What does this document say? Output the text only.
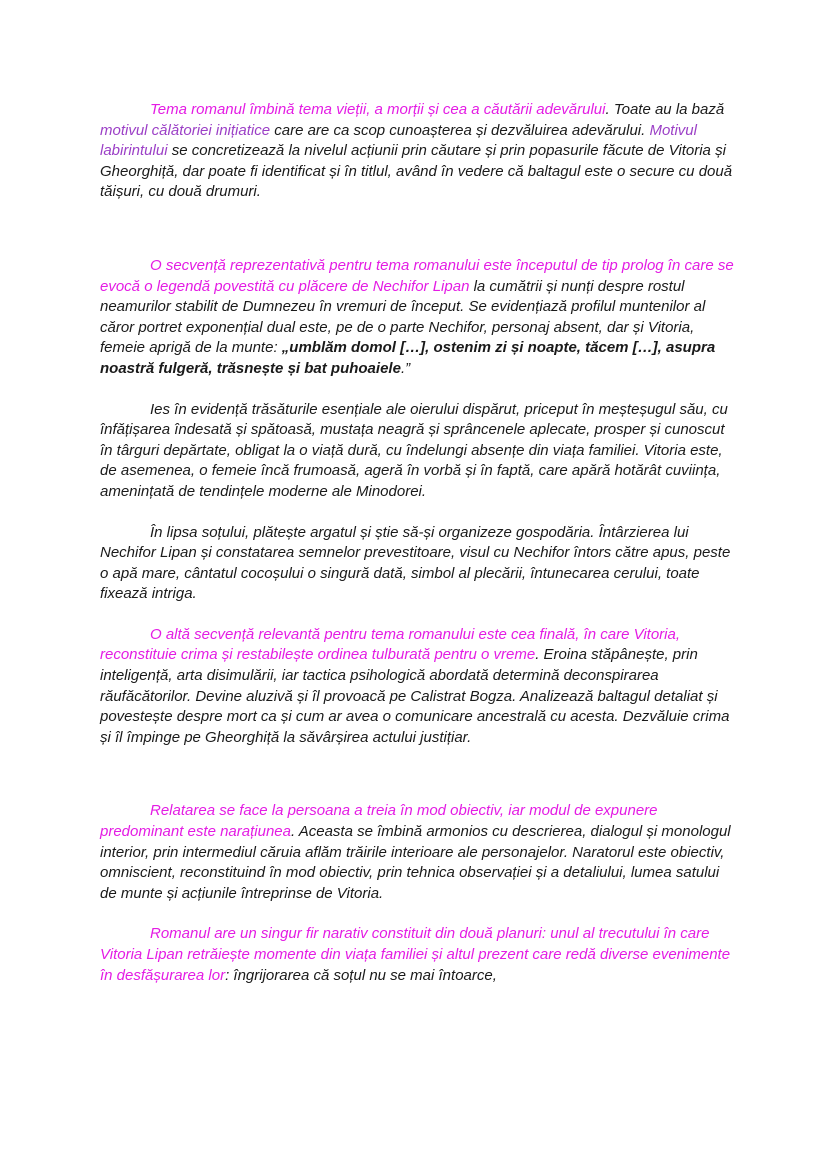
Tema romanul îmbină tema vieții, a morții și cea a căutării adevărului. Toate au la bază motivul călătoriei inițiatice care are ca scop cunoașterea și dezvăluirea adevărului. Motivul labirintului se concretizează la nivelul acțiunii prin căutare și prin popasurile făcute de Vitoria și Gheorghiță, dar poate fi identificat și în titlul, având în vedere că baltagul este o secure cu două tăișuri, cu două drumuri.

O secvență reprezentativă pentru tema romanului este începutul de tip prolog în care se evocă o legendă povestită cu plăcere de Nechifor Lipan la cumătrii și nunți despre rostul neamurilor stabilit de Dumnezeu în vremuri de început. Se evidențiază profilul muntenilor al căror portret exponențial dual este, pe de o parte Nechifor, personaj absent, dar și Vitoria, femeie aprigă de la munte: „umblăm domol […], ostenim zi și noapte, tăcem […], asupra noastră fulgeră, trăsnește și bat puhoaiele.”

Ies în evidență trăsăturile esențiale ale oierului dispărut, priceput în meșteșugul său, cu înfățișarea îndesată și spătoasă, mustața neagră și sprâncenele aplecate, prosper și cunoscut în târguri depărtate, obligat la o viață dură, cu îndelungi absențe din viața familiei. Vitoria este, de asemenea, o femeie încă frumoasă, ageră în vorbă și în faptă, care apără hotărât cuviința, amenințată de tendințele moderne ale Minodorei.

În lipsa soțului, plătește argatul și știe să-și organizeze gospodăria. Întârzierea lui Nechifor Lipan și constatarea semnelor prevestitoare, visul cu Nechifor întors către apus, peste o apă mare, cântatul cocoșului o singură dată, simbol al plecării, întunecarea cerului, toate fixează intriga.

O altă secvență relevantă pentru tema romanului este cea finală, în care Vitoria, reconstituie crima și restabilește ordinea tulburată pentru o vreme. Eroina stăpânește, prin inteligență, arta disimulării, iar tactica psihologică abordată determină deconspirarea răufăcătorilor. Devine aluzivă și îl provoacă pe Calistrat Bogza. Analizează baltagul detaliat și povestește despre mort ca și cum ar avea o comunicare ancestrală cu acesta. Dezvăluie crima și îl împinge pe Gheorghiță la săvârșirea actului justițiar.

Relatarea se face la persoana a treia în mod obiectiv, iar modul de expunere predominant este narațiunea. Aceasta se îmbină armonios cu descrierea, dialogul și monologul interior, prin intermediul căruia aflăm trăirile interioare ale personajelor. Naratorul este obiectiv, omniscient, reconstituind în mod obiectiv, prin tehnica observației și a detaliului, lumea satului de munte și acțiunile întreprinse de Vitoria.

Romanul are un singur fir narativ constituit din două planuri: unul al trecutului în care Vitoria Lipan retrăiește momente din viața familiei și altul prezent care redă diverse evenimente în desfășurarea lor: îngrijorarea că soțul nu se mai întoarce,
